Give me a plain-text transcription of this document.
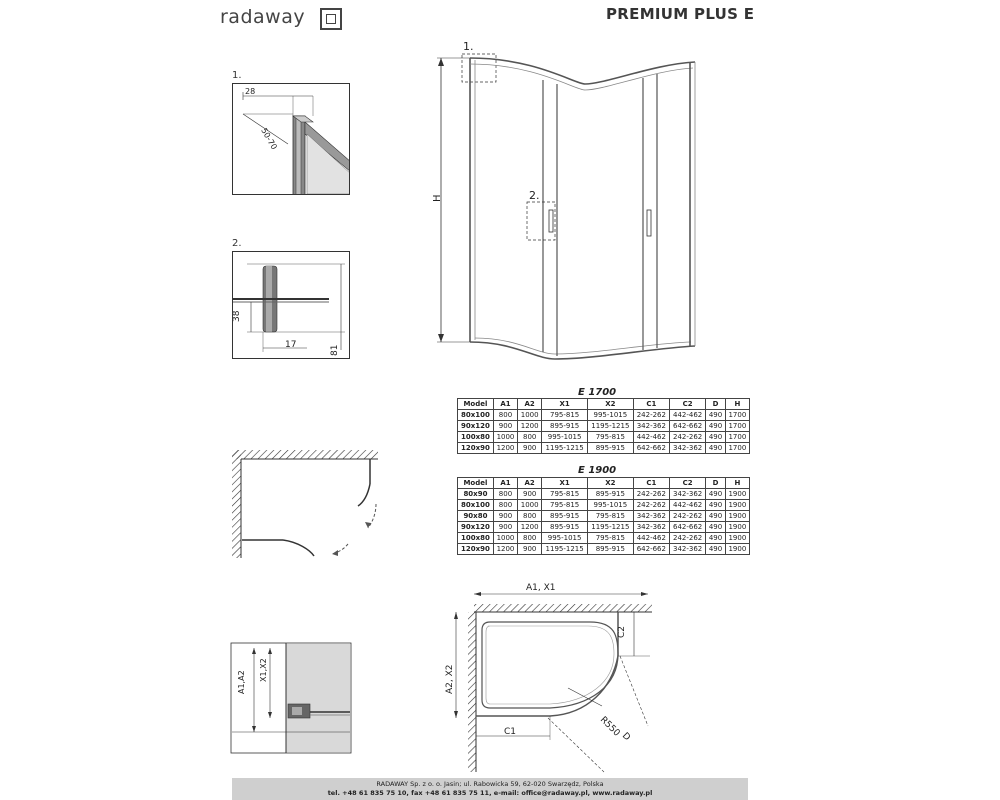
radaway	PREMIUM PLUS E
1.
28
50-70
2.
38
17	81
1.
H	2.
E 1700
Model	A1	A2	X1	X2	C1	C2	D	H
80x100	800	1000	795-815	995-1015	242-262	442-462	490	1700
90x120	900	1200	895-915	1195-1215	342-362	642-662	490	1700
100x80	1000	800	995-1015	795-815	442-462	242-262	490	1700
120x90	1200	900	1195-1215	895-915	642-662	342-362	490	1700
E 1900
Model	A1	A2	X1	X2	C1	C2	D	H
80x90	800	900	795-815	895-915	242-262	342-362	490	1900
80x100	800	1000	795-815	995-1015	242-262	442-462	490	1900
90x80	900	800	895-915	795-815	342-362	242-262	490	1900
90x120	900	1200	895-915	1195-1215	342-362	642-662	490	1900
100x80	1000	800	995-1015	795-815	442-462	242-262	490	1900
120x90	1200	900	1195-1215	895-915	642-662	342-362	490	1900
A1, X1
A2, X2
C2
C1	R550
D
A1,A2
X1,X2
RADAWAY Sp. z o. o. Jasin; ul. Rabowicka 59, 62-020 Swarzędz, Polska
tel. +48 61 835 75 10, fax +48 61 835 75 11, e-mail: office@radaway.pl, www.radaway.pl
